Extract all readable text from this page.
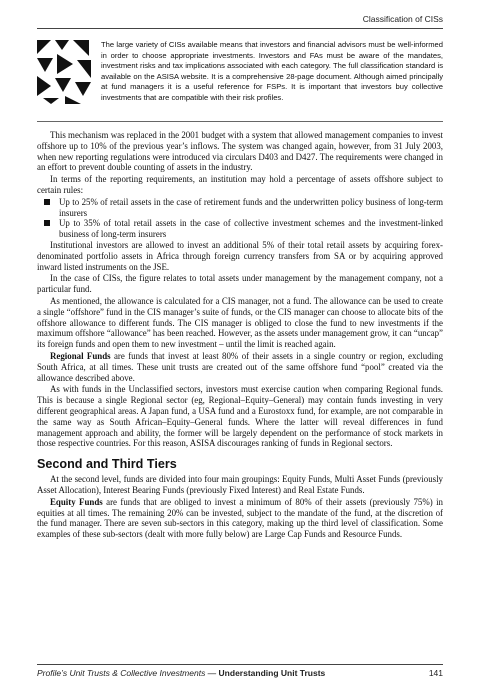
Classification of CISs
The large variety of CISs available means that investors and financial advisors must be well-informed in order to choose appropriate investments. Investors and FAs must be aware of the mandates, investment risks and tax implications associated with each category. The full classification standard is available on the ASISA website. It is a comprehensive 28-page document. Although aimed principally at fund managers it is a useful reference for FSPs. It is important that investors buy collective investments that are compatible with their risk profiles.

This mechanism was replaced in the 2001 budget with a system that allowed management companies to invest offshore up to 10% of the previous year’s inflows. The system was changed again, however, from 31 July 2003, when new reporting regulations were introduced via circulars D403 and D427. The requirements were changed in an effort to prevent double counting of assets in the industry.

In terms of the reporting requirements, an institution may hold a percentage of assets offshore subject to certain rules:

Up to 25% of retail assets in the case of retirement funds and the underwritten policy business of long-term insurers
Up to 35% of total retail assets in the case of collective investment schemes and the investment-linked business of long-term insurers

Institutional investors are allowed to invest an additional 5% of their total retail assets by acquiring forex-denominated portfolio assets in Africa through foreign currency transfers from SA or by acquiring approved inward listed instruments on the JSE.

In the case of CISs, the figure relates to total assets under management by the management company, not a particular fund.

As mentioned, the allowance is calculated for a CIS manager, not a fund. The allowance can be used to create a single “offshore” fund in the CIS manager’s suite of funds, or the CIS manager can choose to allocate bits of the offshore allowance to different funds. The CIS manager is obliged to close the fund to new investments if the maximum offshore “allowance” has been reached. However, as the assets under management grow, it can “uncap” its foreign funds and open them to new investment – until the limit is reached again.

Regional Funds are funds that invest at least 80% of their assets in a single country or region, excluding South Africa, at all times. These unit trusts are created out of the same offshore fund “pool” created via the allowance described above.

As with funds in the Unclassified sectors, investors must exercise caution when comparing Regional funds. This is because a single Regional sector (eg, Regional–Equity–General) may contain funds investing in very different geographical areas. A Japan fund, a USA fund and a Eurostoxx fund, for example, are not comparable in the same way as South African–Equity–General funds. Where the latter will reveal differences in fund management approach and ability, the former will be largely dependent on the performance of stock markets in those respective countries. For this reason, ASISA discourages ranking of funds in Regional sectors.

Second and Third Tiers

At the second level, funds are divided into four main groupings: Equity Funds, Multi Asset Funds (previously Asset Allocation), Interest Bearing Funds (previously Fixed Interest) and Real Estate Funds.

Equity Funds are funds that are obliged to invest a minimum of 80% of their assets (previously 75%) in equities at all times. The remaining 20% can be invested, subject to the mandate of the fund, at the discretion of the fund manager. There are seven sub-sectors in this category, making up the third level of classification. Some examples of these sub-sectors (dealt with more fully below) are Large Cap Funds and Resource Funds.

Profile’s Unit Trusts & Collective Investments — Understanding Unit Trusts	141
